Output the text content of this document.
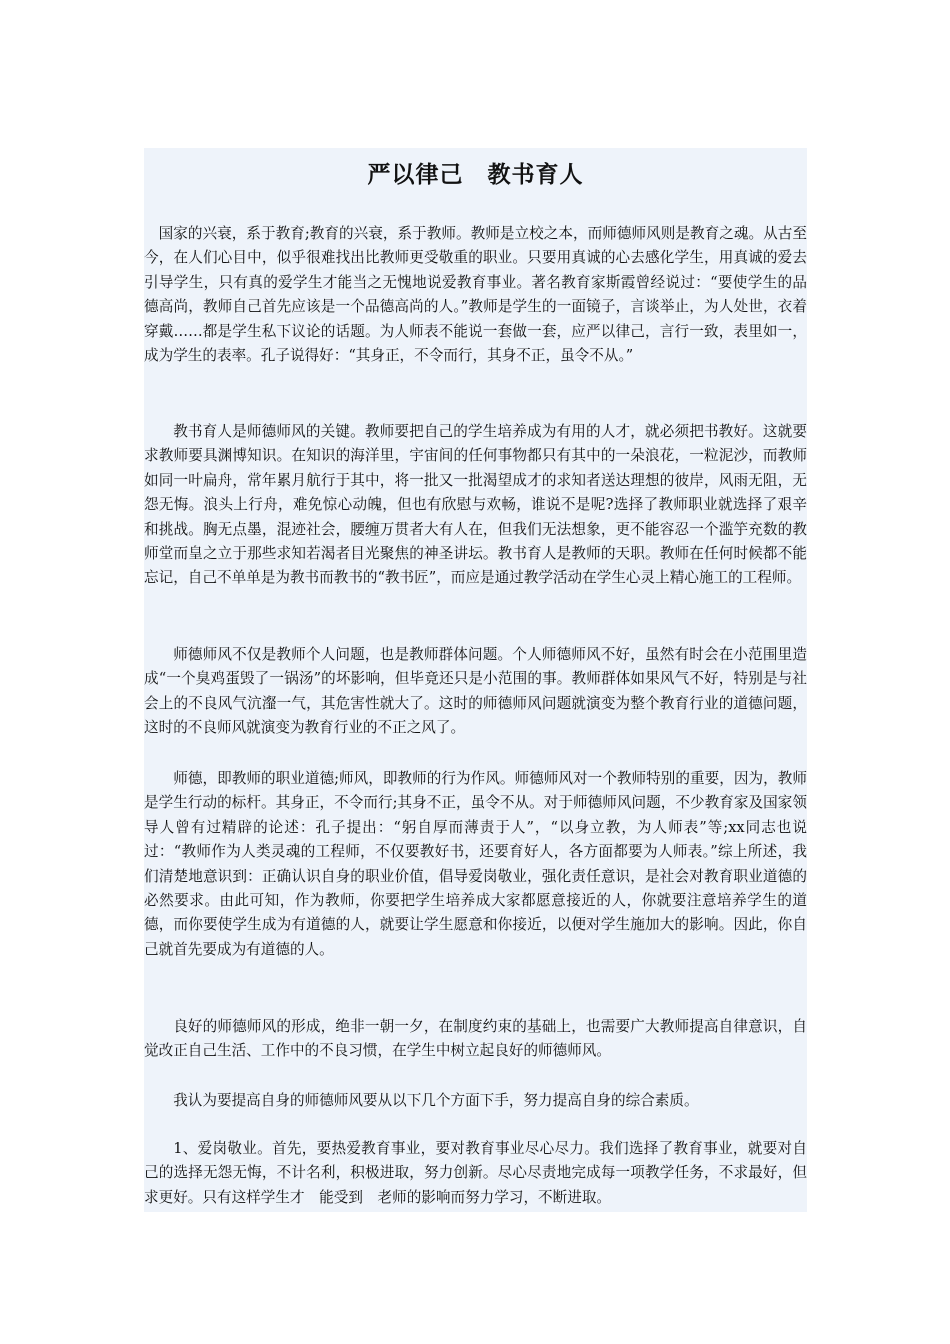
严以律己　教书育人

国家的兴衰，系于教育;教育的兴衰，系于教师。教师是立校之本，而师德师风则是教育之魂。从古至今，在人们心目中，似乎很难找出比教师更受敬重的职业。只要用真诚的心去感化学生，用真诚的爱去引导学生，只有真的爱学生才能当之无愧地说爱教育事业。著名教育家斯霞曾经说过：“要使学生的品德高尚，教师自己首先应该是一个品德高尚的人。”教师是学生的一面镜子，言谈举止，为人处世，衣着穿戴……都是学生私下议论的话题。为人师表不能说一套做一套，应严以律己，言行一致，表里如一，成为学生的表率。孔子说得好：“其身正，不令而行，其身不正，虽令不从。”

教书育人是师德师风的关键。教师要把自己的学生培养成为有用的人才，就必须把书教好。这就要求教师要具渊博知识。在知识的海洋里，宇宙间的任何事物都只有其中的一朵浪花，一粒泥沙，而教师如同一叶扁舟，常年累月航行于其中，将一批又一批渴望成才的求知者送达理想的彼岸，风雨无阻，无怨无悔。浪头上行舟，难免惊心动魄，但也有欣慰与欢畅，谁说不是呢?选择了教师职业就选择了艰辛和挑战。胸无点墨，混迹社会，腰缠万贯者大有人在，但我们无法想象，更不能容忍一个滥竽充数的教师堂而皇之立于那些求知若渴者目光聚焦的神圣讲坛。教书育人是教师的天职。教师在任何时候都不能忘记，自己不单单是为教书而教书的“教书匠”，而应是通过教学活动在学生心灵上精心施工的工程师。

师德师风不仅是教师个人问题，也是教师群体问题。个人师德师风不好，虽然有时会在小范围里造成“一个臭鸡蛋毁了一锅汤”的坏影响，但毕竟还只是小范围的事。教师群体如果风气不好，特别是与社会上的不良风气沆瀣一气，其危害性就大了。这时的师德师风问题就演变为整个教育行业的道德问题，这时的不良师风就演变为教育行业的不正之风了。

师德，即教师的职业道德;师风，即教师的行为作风。师德师风对一个教师特别的重要，因为，教师是学生行动的标杆。其身正，不令而行;其身不正，虽令不从。对于师德师风问题，不少教育家及国家领导人曾有过精辟的论述：孔子提出：“躬自厚而薄责于人”，“以身立教，为人师表”等;xx同志也说过：“教师作为人类灵魂的工程师，不仅要教好书，还要育好人，各方面都要为人师表。”综上所述，我们清楚地意识到：正确认识自身的职业价值，倡导爱岗敬业，强化责任意识，是社会对教育职业道德的必然要求。由此可知，作为教师，你要把学生培养成大家都愿意接近的人，你就要注意培养学生的道德，而你要使学生成为有道德的人，就要让学生愿意和你接近，以便对学生施加大的影响。因此，你自己就首先要成为有道德的人。

良好的师德师风的形成，绝非一朝一夕，在制度约束的基础上，也需要广大教师提高自律意识，自觉改正自己生活、工作中的不良习惯，在学生中树立起良好的师德师风。

我认为要提高自身的师德师风要从以下几个方面下手，努力提高自身的综合素质。

1、爱岗敬业。首先，要热爱教育事业，要对教育事业尽心尽力。我们选择了教育事业，就要对自己的选择无怨无悔，不计名利，积极进取，努力创新。尽心尽责地完成每一项教学任务，不求最好，但求更好。只有这样学生才　能受到　老师的影响而努力学习，不断进取。
